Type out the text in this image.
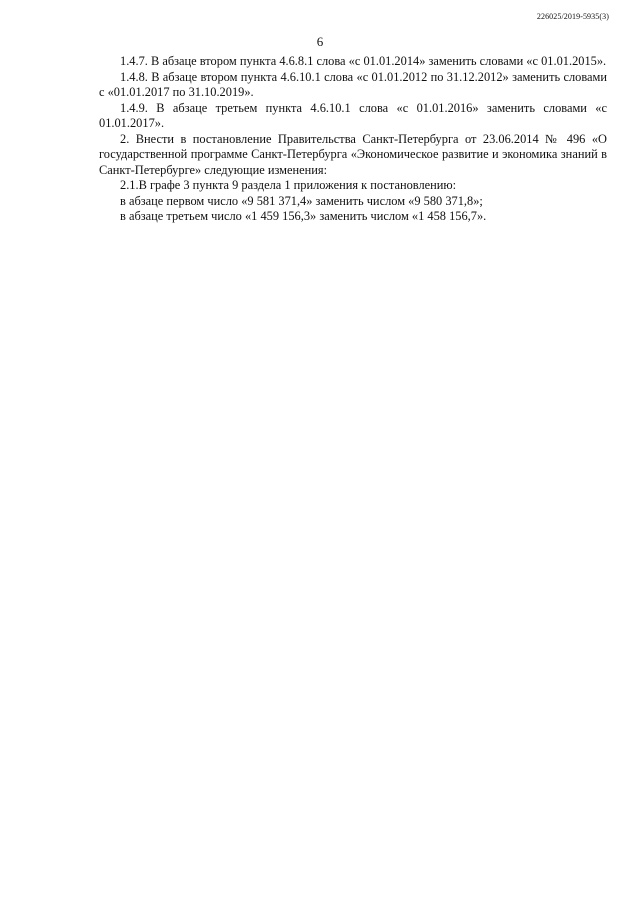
226025/2019-5935(3)
6

1.4.7. В абзаце втором пункта 4.6.8.1 слова «с 01.01.2014» заменить словами «с 01.01.2015».

1.4.8. В абзаце втором пункта 4.6.10.1 слова «с 01.01.2012 по 31.12.2012» заменить словами с «01.01.2017 по 31.10.2019».

1.4.9. В абзаце третьем пункта 4.6.10.1 слова «с 01.01.2016» заменить словами «с 01.01.2017».

2. Внести в постановление Правительства Санкт-Петербурга от 23.06.2014 № 496 «О государственной программе Санкт-Петербурга «Экономическое развитие и экономика знаний в Санкт-Петербурге» следующие изменения:

2.1.В графе 3 пункта 9 раздела 1 приложения к постановлению:

в абзаце первом число «9 581 371,4» заменить числом «9 580 371,8»;

в абзаце третьем число «1 459 156,3» заменить числом «1 458 156,7».
